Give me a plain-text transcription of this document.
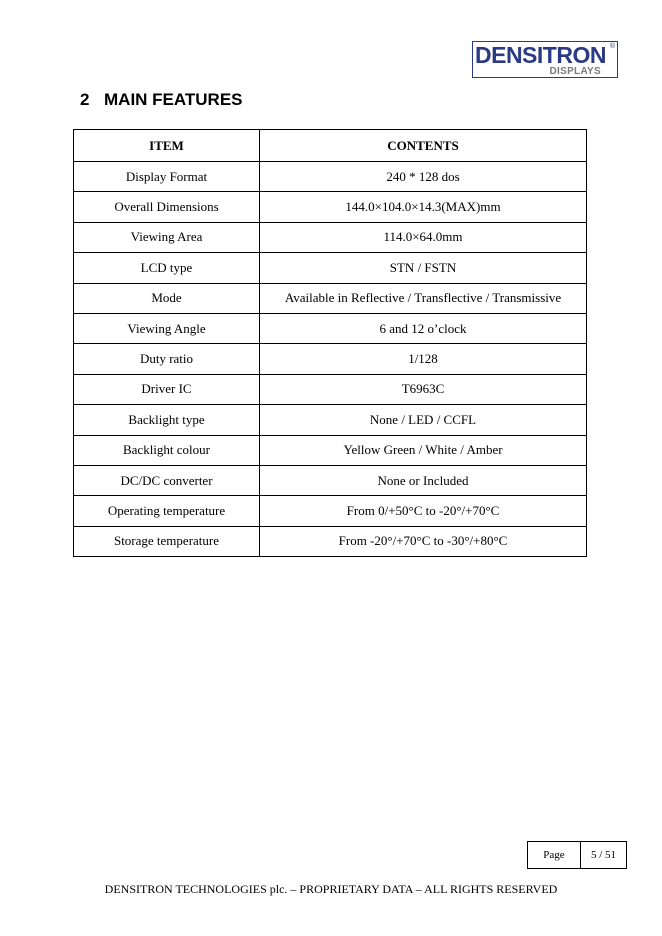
DENSITRON ®
DISPLAYS
2 MAIN FEATURES
ITEM	CONTENTS
Display Format	240 * 128 dos
Overall Dimensions	144.0×104.0×14.3(MAX)mm
Viewing Area	114.0×64.0mm
LCD type	STN / FSTN
Mode	Available in Reflective / Transflective / Transmissive
Viewing Angle	6 and 12 o’clock
Duty ratio	1/128
Driver IC	T6963C
Backlight type	None / LED / CCFL
Backlight colour	Yellow Green / White / Amber
DC/DC converter	None or Included
Operating temperature	From 0/+50°C to -20°/+70°C
Storage temperature	From -20°/+70°C to -30°/+80°C
Page	5 / 51
DENSITRON TECHNOLOGIES plc. – PROPRIETARY DATA – ALL RIGHTS RESERVED
